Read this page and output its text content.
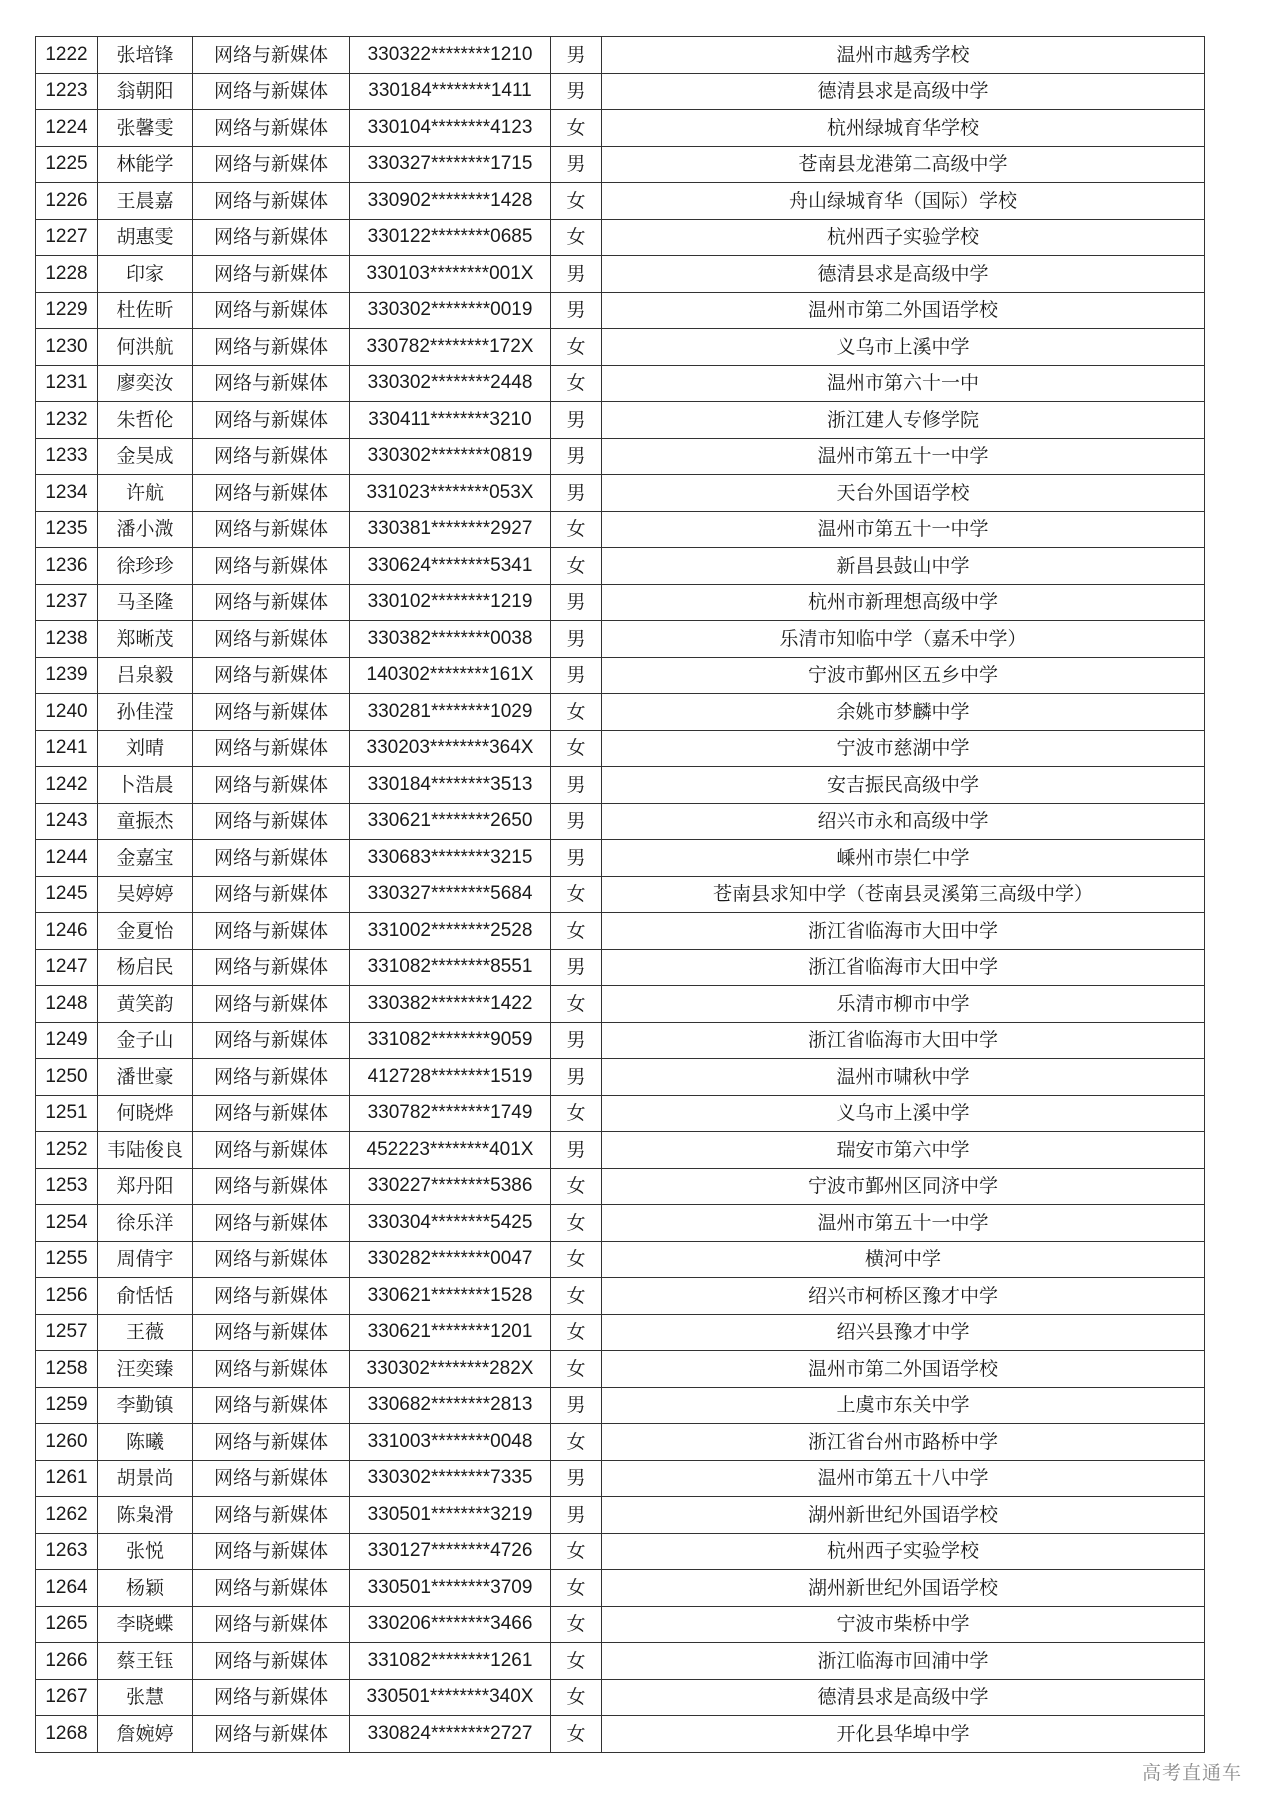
1222	张培锋	网络与新媒体	330322********1210	男	温州市越秀学校
1223	翁朝阳	网络与新媒体	330184********1411	男	德清县求是高级中学
1224	张馨雯	网络与新媒体	330104********4123	女	杭州绿城育华学校
1225	林能学	网络与新媒体	330327********1715	男	苍南县龙港第二高级中学
1226	王晨嘉	网络与新媒体	330902********1428	女	舟山绿城育华（国际）学校
1227	胡惠雯	网络与新媒体	330122********0685	女	杭州西子实验学校
1228	印家	网络与新媒体	330103********001X	男	德清县求是高级中学
1229	杜佐昕	网络与新媒体	330302********0019	男	温州市第二外国语学校
1230	何洪航	网络与新媒体	330782********172X	女	义乌市上溪中学
1231	廖奕汝	网络与新媒体	330302********2448	女	温州市第六十一中
1232	朱哲伦	网络与新媒体	330411********3210	男	浙江建人专修学院
1233	金昊成	网络与新媒体	330302********0819	男	温州市第五十一中学
1234	许航	网络与新媒体	331023********053X	男	天台外国语学校
1235	潘小溦	网络与新媒体	330381********2927	女	温州市第五十一中学
1236	徐珍珍	网络与新媒体	330624********5341	女	新昌县鼓山中学
1237	马圣隆	网络与新媒体	330102********1219	男	杭州市新理想高级中学
1238	郑晰茂	网络与新媒体	330382********0038	男	乐清市知临中学（嘉禾中学）
1239	吕泉毅	网络与新媒体	140302********161X	男	宁波市鄞州区五乡中学
1240	孙佳滢	网络与新媒体	330281********1029	女	余姚市梦麟中学
1241	刘晴	网络与新媒体	330203********364X	女	宁波市慈湖中学
1242	卜浩晨	网络与新媒体	330184********3513	男	安吉振民高级中学
1243	童振杰	网络与新媒体	330621********2650	男	绍兴市永和高级中学
1244	金嘉宝	网络与新媒体	330683********3215	男	嵊州市崇仁中学
1245	吴婷婷	网络与新媒体	330327********5684	女	苍南县求知中学（苍南县灵溪第三高级中学）
1246	金夏怡	网络与新媒体	331002********2528	女	浙江省临海市大田中学
1247	杨启民	网络与新媒体	331082********8551	男	浙江省临海市大田中学
1248	黄笑韵	网络与新媒体	330382********1422	女	乐清市柳市中学
1249	金子山	网络与新媒体	331082********9059	男	浙江省临海市大田中学
1250	潘世豪	网络与新媒体	412728********1519	男	温州市啸秋中学
1251	何晓烨	网络与新媒体	330782********1749	女	义乌市上溪中学
1252	韦陆俊良	网络与新媒体	452223********401X	男	瑞安市第六中学
1253	郑丹阳	网络与新媒体	330227********5386	女	宁波市鄞州区同济中学
1254	徐乐洋	网络与新媒体	330304********5425	女	温州市第五十一中学
1255	周倩宇	网络与新媒体	330282********0047	女	横河中学
1256	俞恬恬	网络与新媒体	330621********1528	女	绍兴市柯桥区豫才中学
1257	王薇	网络与新媒体	330621********1201	女	绍兴县豫才中学
1258	汪奕臻	网络与新媒体	330302********282X	女	温州市第二外国语学校
1259	李勤镇	网络与新媒体	330682********2813	男	上虞市东关中学
1260	陈曦	网络与新媒体	331003********0048	女	浙江省台州市路桥中学
1261	胡景尚	网络与新媒体	330302********7335	男	温州市第五十八中学
1262	陈枭滑	网络与新媒体	330501********3219	男	湖州新世纪外国语学校
1263	张悦	网络与新媒体	330127********4726	女	杭州西子实验学校
1264	杨颖	网络与新媒体	330501********3709	女	湖州新世纪外国语学校
1265	李晓蝶	网络与新媒体	330206********3466	女	宁波市柴桥中学
1266	蔡王钰	网络与新媒体	331082********1261	女	浙江临海市回浦中学
1267	张慧	网络与新媒体	330501********340X	女	德清县求是高级中学
1268	詹婉婷	网络与新媒体	330824********2727	女	开化县华埠中学
高考直通车
